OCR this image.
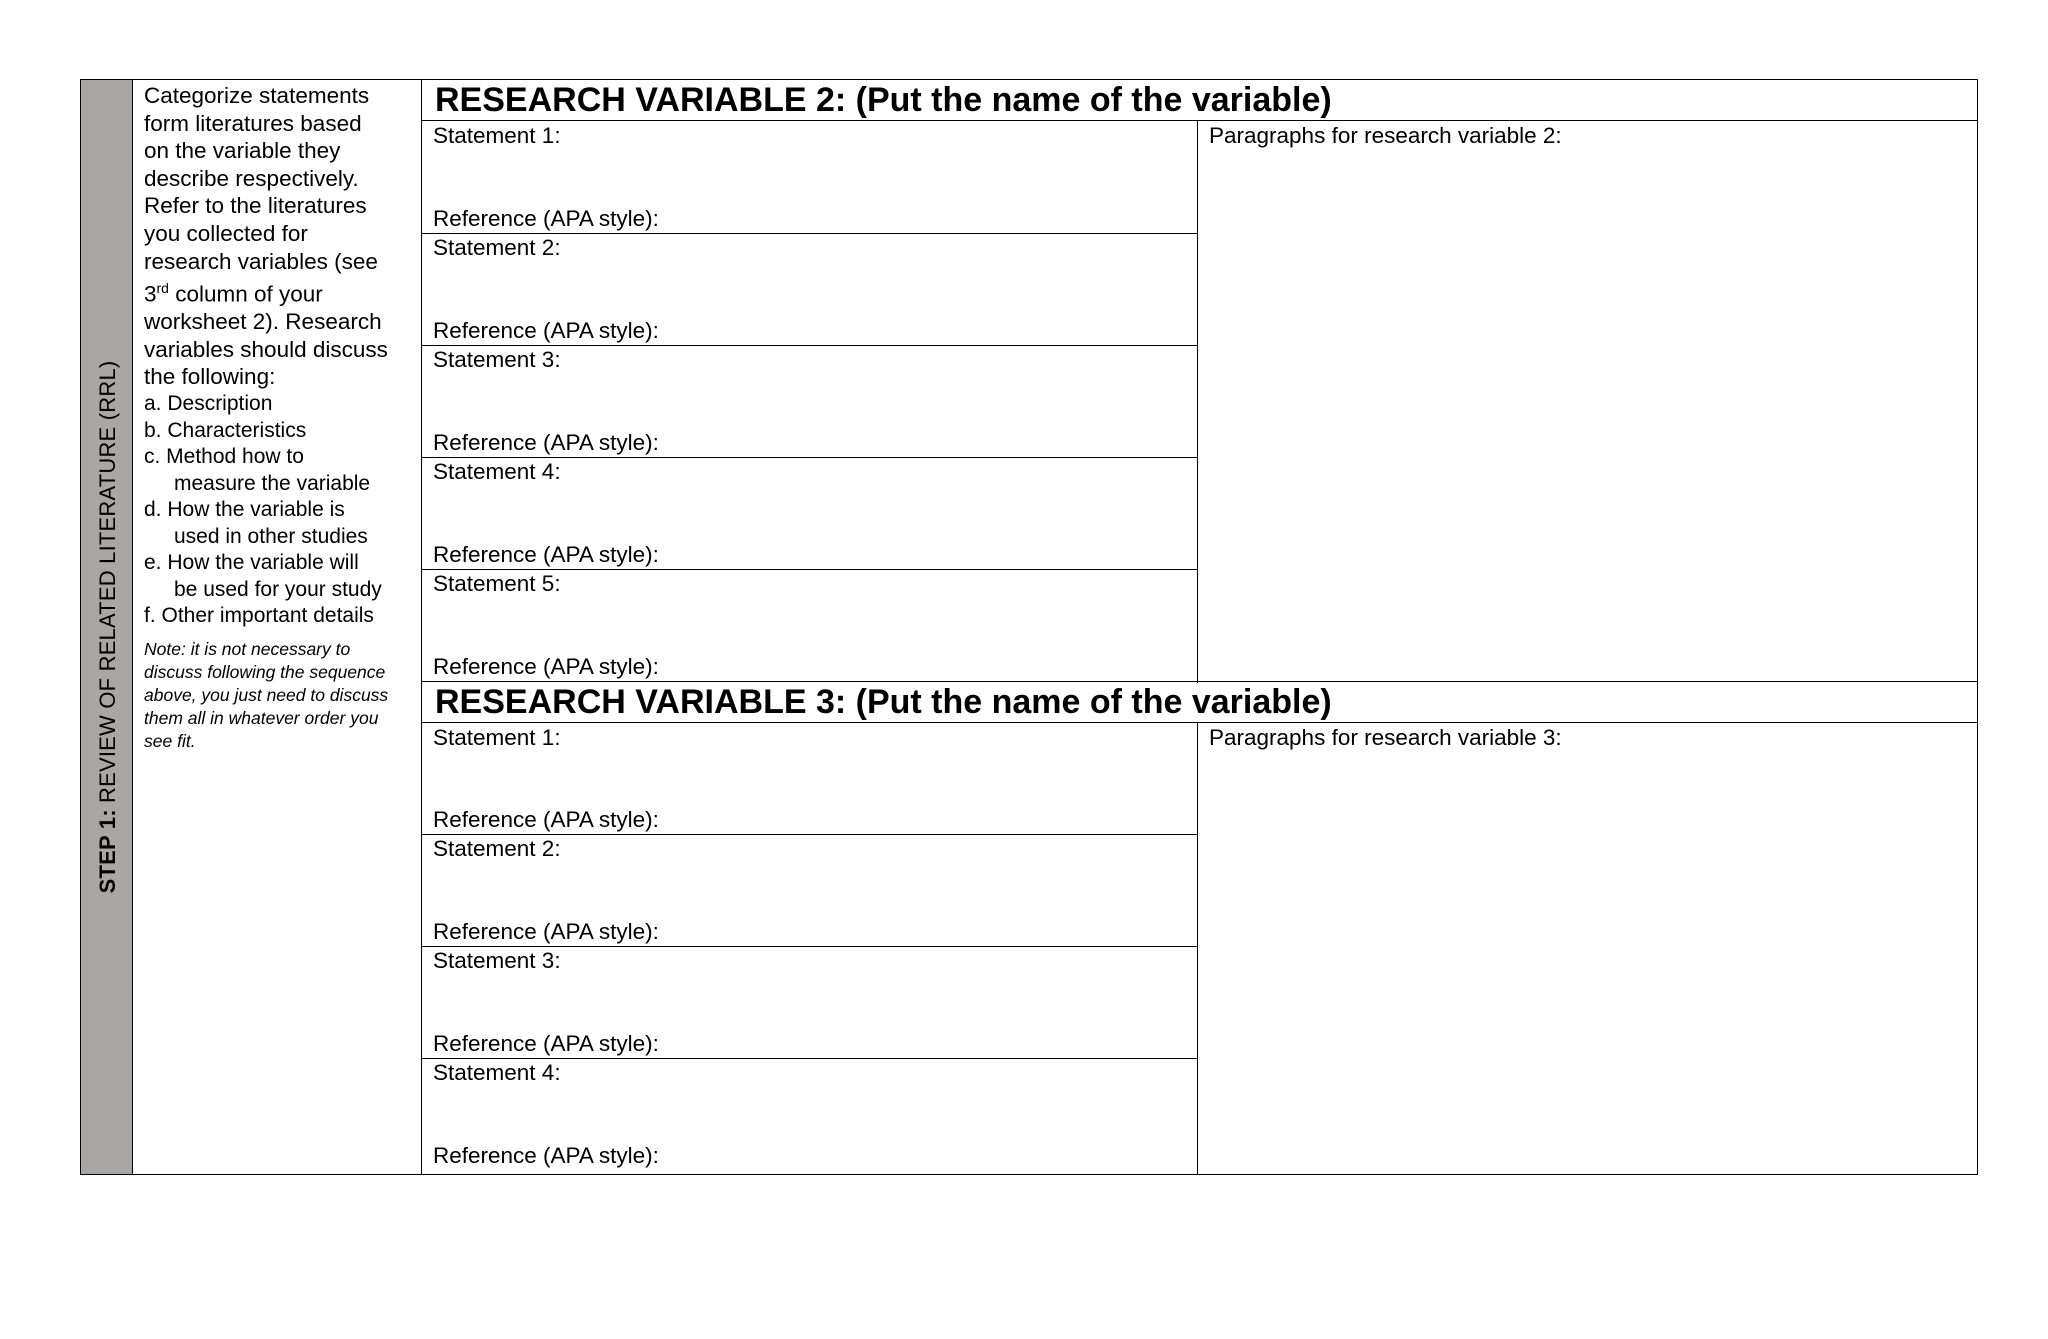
STEP 1: REVIEW OF RELATED LITERATURE (RRL)
Categorize statements
form literatures based
on the variable they
describe respectively.
Refer to the literatures
you collected for
research variables (see
3rd column of your
worksheet 2). Research
variables should discuss
the following:
a. Description
b. Characteristics
c. Method how to
measure the variable
d. How the variable is
used in other studies
e. How the variable will
be used for your study
f. Other important details
Note: it is not necessary to discuss following the sequence above, you just need to discuss them all in whatever order you see fit.
RESEARCH VARIABLE 2: (Put the name of the variable)
Statement 1:
Reference (APA style):
Statement 2:
Reference (APA style):
Statement 3:
Reference (APA style):
Statement 4:
Reference (APA style):
Statement 5:
Reference (APA style):
Paragraphs for research variable 2:
RESEARCH VARIABLE 3: (Put the name of the variable)
Statement 1:
Reference (APA style):
Statement 2:
Reference (APA style):
Statement 3:
Reference (APA style):
Statement 4:
Reference (APA style):
Paragraphs for research variable 3:
